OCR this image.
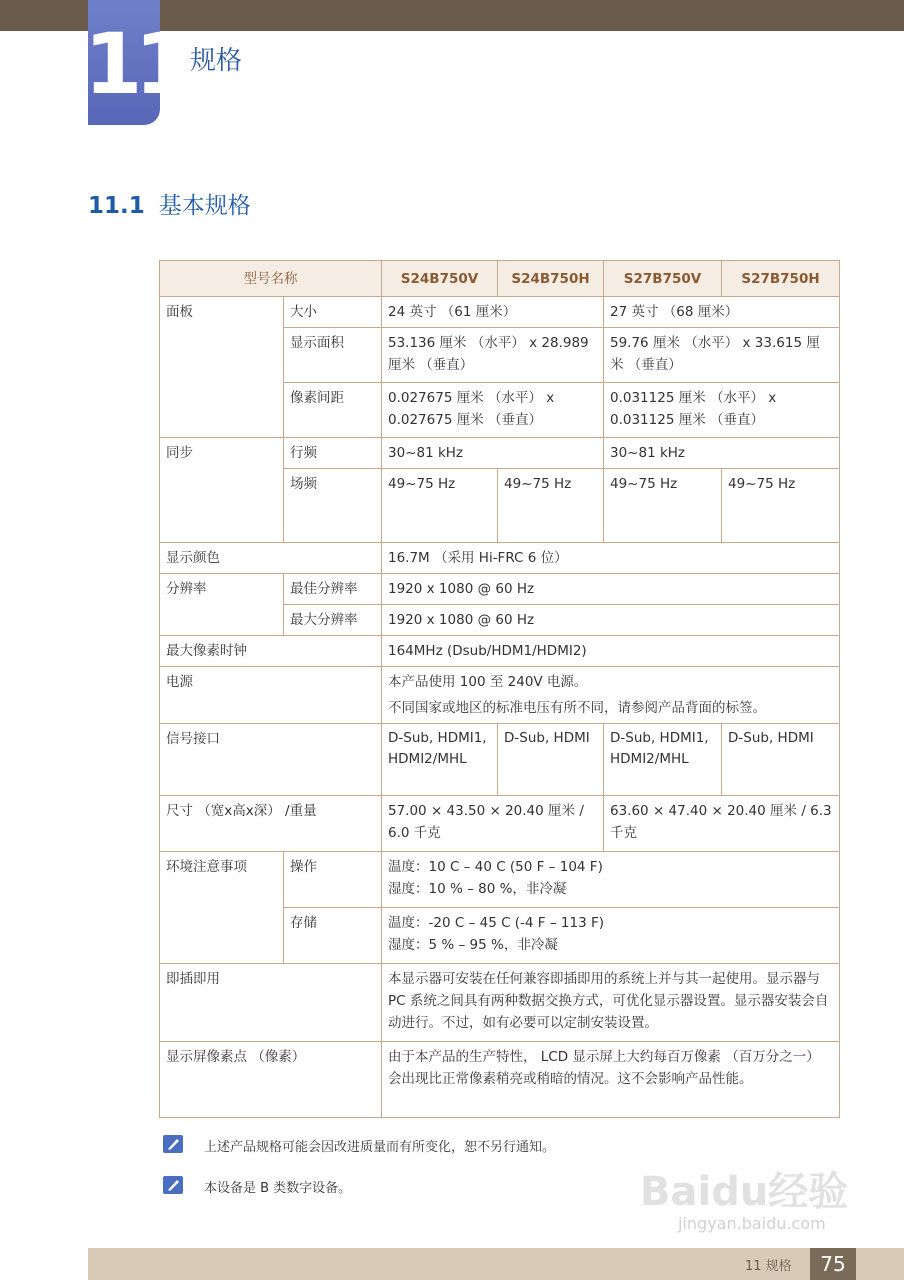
11 规格
11.1 基本规格
型号名称		S24B750V	S24B750H	S27B750V	S27B750H
面板	大小	24 英寸 （61 厘米）		27 英寸 （68 厘米）	
	显示面积	53.136 厘米 （水平） x 28.989 厘米 （垂直）		59.76 厘米 （水平） x 33.615 厘米 （垂直）	
	像素间距	0.027675 厘米 （水平） x 0.027675 厘米 （垂直）		0.031125 厘米 （水平） x 0.031125 厘米 （垂直）	
同步	行频	30~81 kHz		30~81 kHz	
	场频	49~75 Hz	49~75 Hz	49~75 Hz	49~75 Hz
显示颜色		16.7M （采用 Hi-FRC 6 位）			
分辨率	最佳分辨率	1920 x 1080 @ 60 Hz			
	最大分辨率	1920 x 1080 @ 60 Hz			
最大像素时钟		164MHz (Dsub/HDM1/HDMI2)			
电源		本产品使用 100 至 240V 电源。
不同国家或地区的标准电压有所不同，请参阅产品背面的标签。			

信号接口		D-Sub, HDMI1, HDMI2/MHL	D-Sub, HDMI	D-Sub, HDMI1, HDMI2/MHL	D-Sub, HDMI
尺寸 （宽x高x深） /重量		57.00 × 43.50 × 20.40 厘米 / 6.0 千克		63.60 × 47.40 × 20.40 厘米 / 6.3 千克	
环境注意事项	操作	温度：10 C – 40 C (50 F – 104 F)
湿度：10 % – 80 %，非冷凝			

	存储	温度：-20 C – 45 C (-4 F – 113 F)
湿度：5 % – 95 %，非冷凝			

即插即用		本显示器可安装在任何兼容即插即用的系统上并与其一起使用。显示器与 PC 系统之间具有两种数据交换方式，可优化显示器设置。显示器安装会自动进行。不过，如有必要可以定制安装设置。			
显示屏像素点 （像素）		由于本产品的生产特性， LCD 显示屏上大约每百万像素 （百万分之一）会出现比正常像素稍亮或稍暗的情况。这不会影响产品性能。			
上述产品规格可能会因改进质量而有所变化，恕不另行通知。
本设备是 B 类数字设备。	Baidu经验
jingyan.baidu.com
11 规格	75
